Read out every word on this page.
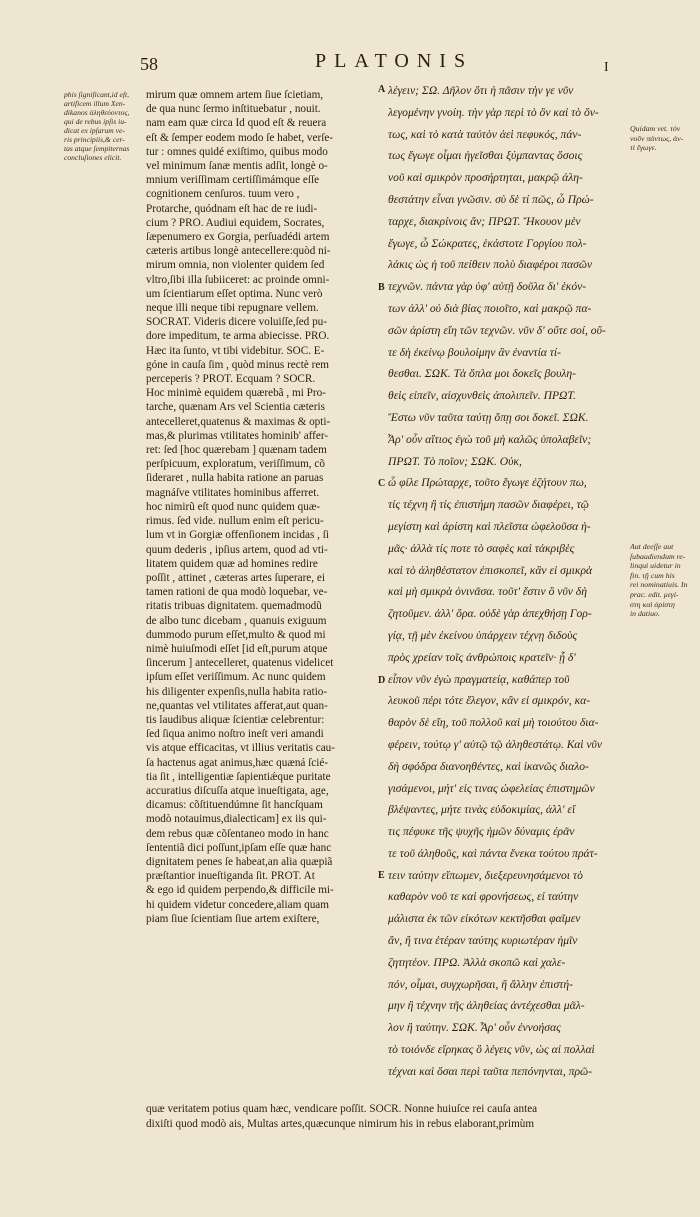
58	PLATONIS	I
phis ſignificant,id eſt,
artificem illum Xen-
dikanos ἀληθεύοντος,
qui de rebus ipſis iu-
dicat ex ipſarum ve-
ris principiis,& cer-
tas atque ſempiternas
concluſiones elicit.
mirum quæ omnem artem ſiue ſcietiam,
de qua nunc ſermo inſtituebatur , nouit.
nam eam quæ circa Id quod eſt & reuera
eſt & ſemper eodem modo ſe habet, verſe-
tur : omnes quidé exiſtimo, quibus modo
vel minimum ſanæ mentis adſit, longè o-
mnium veriſſimam certiſſimámque eſſe
cognitionem cenſuros. tuum vero ,
Protarche, quódnam eſt hac de re iudi-
cium ? PRO. Audiui equidem, Socrates,
ſæpenumero ex Gorgia, perſuadédi artem
cæteris artibus longè antecellere:quòd ni-
mirum omnia, non violenter quidem ſed
vltro,ſibi illa ſubiiceret: ac proinde omni-
um ſcientiarum eſſet optima. Nunc verò
neque illi neque tibi repugnare vellem.
SOCRAT. Videris dicere voluiſſe,ſed pu-
dore impeditum, te arma abiecisse. PRO.
Hæc ita ſunto, vt tibi videbitur. SOC. E-
góne in cauſa ſim , quòd minus rectè rem
perceperis ? PROT. Ecquam ? SOCR.
Hoc minimè equidem quærebã , mi Pro-
tarche, quænam Ars vel Scientia cæteris
antecelleret,quatenus & maximas & opti-
mas,& plurimas vtilitates hominib' affer-
ret: ſed [hoc quærebam ] quænam tadem
perſpicuum, exploratum, veriſſimum, cõ
ſideraret , nulla habita ratione an paruas
magnáſve vtilitates hominibus afferret.
hoc nimirũ eſt quod nunc quidem quæ-
rimus. ſed vide. nullum enim eſt pericu-
lum vt in Gorgiæ offenſionem incidas , ſi
quum dederis , ipſius artem, quod ad vti-
litatem quidem quæ ad homines redire
poſſit , attinet , cæteras artes ſuperare, ei
tamen rationi de qua modò loquebar, ve-
ritatis tribuas dignitatem. quemadmodũ
de albo tunc dicebam , quanuis exiguum
dummodo purum eſſet,multo & quod mi
nimè huiuſmodi eſſet [id eſt,purum atque
ſincerum ] antecelleret, quatenus videlicet
ipſum eſſet veriſſimum. Ac nunc quidem
his diligenter expenſis,nulla habita ratio-
ne,quantas vel vtilitates afferat,aut quan-
tis laudibus aliquæ ſcientiæ celebrentur:
ſed ſiqua animo noſtro ineſt veri amandi
vis atque efficacitas, vt illius veritatis cau-
ſa hactenus agat animus,hæc quæná ſcié-
tia ſit , intelligentiæ ſapientiǽque puritate
accuratius diſcuſſa atque inueſtigata, age,
dicamus: cõſtituendúmne ſit hancſquam
modò notauimus,dialecticam] ex iis qui-
dem rebus quæ cõſentaneo modo in hanc
ſententiã dici poſſunt,ipſam eſſe quæ hanc
dignitatem penes ſe habeat,an alia quæpiã
præſtantior inueſtiganda ſit. PROT. At
& ego id quidem perpendo,& difficile mi-
hi quidem videtur concedere,aliam quam
piam ſiue ſcientiam ſiue artem exiſtere,
λέγειν; ΣΩ. Δῆλον ὅτι ἡ πᾶσιν τὴν γε νῦν
λεγομένην γνοίη. τὴν γὰρ περὶ τὸ ὂν καὶ τὸ ὄν-
τως, καὶ τὸ κατὰ ταὐτὸν ἀεὶ πεφυκός, πάν-
τως ἔγωγε οἶμαι ἡγεῖσθαι ξύμπαντας ὅσοις
νοῦ καὶ σμικρὸν προσήρτηται, μακρῷ ἀλη-
θεστάτην εἶναι γνῶσιν. σὺ δὲ τί πῶς, ὦ Πρώ-
ταρχε, διακρίνοις ἄν; ΠΡΩΤ. Ἤκουον μὲν
ἔγωγε, ὦ Σώκρατες, ἑκάστοτε Γοργίου πολ-
λάκις ὡς ἡ τοῦ πείθειν πολὺ διαφέροι πασῶν
τεχνῶν. πάντα γὰρ ὑφ' αὑτῇ δοῦλα δι' ἑκόν-
των ἀλλ' οὐ διὰ βίας ποιοῖτο, καὶ μακρῷ πα-
σῶν ἀρίστη εἴη τῶν τεχνῶν. νῦν δ' οὔτε σοί, οὔ-
τε δὴ ἐκείνῳ βουλοίμην ἂν ἐναντία τί-
θεσθαι. ΣΩΚ. Τὰ ὅπλα μοι δοκεῖς βουλη-
θεὶς εἰπεῖν, αἰσχυνθεὶς ἀπολιπεῖν. ΠΡΩΤ.
Ἔστω νῦν ταῦτα ταύτῃ ὅπῃ σοι δοκεῖ. ΣΩΚ.
Ἆρ' οὖν αἴτιος ἐγὼ τοῦ μὴ καλῶς ὑπολαβεῖν;
ΠΡΩΤ. Τὸ ποῖον; ΣΩΚ. Οὐκ,
ὦ φίλε Πρώταρχε, τοῦτο ἔγωγε ἐζήτουν πω,
τίς τέχνη ἢ τίς ἐπιστήμη πασῶν διαφέρει, τῷ
μεγίστη καὶ ἀρίστη καὶ πλεῖστα ὠφελοῦσα ἡ-
μᾶς· ἀλλὰ τίς ποτε τὸ σαφὲς καὶ τἀκριβὲς
καὶ τὸ ἀληθέστατον ἐπισκοπεῖ, κἂν εἰ σμικρὰ
καὶ μὴ σμικρὰ ὀνινᾶσα. τοῦτ' ἔστιν ὃ νῦν δὴ
ζητοῦμεν. ἀλλ' ὅρα. οὐδὲ γὰρ ἀπεχθήσῃ Γορ-
γίᾳ, τῇ μὲν ἐκείνου ὑπάρχειν τέχνῃ διδοὺς
πρὸς χρείαν τοῖς ἀνθρώποις κρατεῖν· ᾗ δ'
εἶπον νῦν ἐγὼ πραγματείᾳ, καθάπερ τοῦ
λευκοῦ πέρι τότε ἔλεγον, κἂν εἰ σμικρόν, κα-
θαρὸν δὲ εἴη, τοῦ πολλοῦ καὶ μὴ τοιούτου δια-
φέρειν, τούτῳ γ' αὐτῷ τῷ ἀληθεστάτῳ. Καὶ νῦν
δὴ σφόδρα διανοηθέντες, καὶ ἱκανῶς διαλο-
γισάμενοι, μήτ' εἰς τινας ὠφελείας ἐπιστημῶν
βλέψαντες, μήτε τινὰς εὐδοκιμίας, ἀλλ' εἴ
τις πέφυκε τῆς ψυχῆς ἡμῶν δύναμις ἐρᾶν
τε τοῦ ἀληθοῦς, καὶ πάντα ἕνεκα τούτου πράτ-
τειν ταύτην εἴπωμεν, διεξερευνησάμενοι τὸ
καθαρὸν νοῦ τε καὶ φρονήσεως, εἰ ταύτην
μάλιστα ἐκ τῶν εἰκότων κεκτῆσθαι φαῖμεν
ἄν, ἤ τινα ἑτέραν ταύτης κυριωτέραν ἡμῖν
ζητητέον. ΠΡΩ. Ἀλλὰ σκοπῶ καὶ χαλε-
πόν, οἶμαι, συγχωρῆσαι, ἢ ἄλλην ἐπιστή-
μην ἢ τέχνην τῆς ἀληθείας ἀντέχεσθαι μᾶλ-
λον ἢ ταύτην. ΣΩΚ. Ἆρ' οὖν ἐννοήσας
τὸ τοιόνδε εἴρηκας ὃ λέγεις νῦν, ὡς αἱ πολλαὶ
τέχναι καὶ ὅσαι περὶ ταῦτα πεπόνηνται, πρῶ-
A
B
C
D
E
Quidam vet. τὸν
νοῦν πάντως, ἀν-
τὶ ἔγωγε.
Aut deeſſe aut
ſubaudiendum re-
linqui uidetur in
fin. τῇ cum his
rei nominatiuis. In
prac. edit. μεγί-
στη καὶ ἀρίστη
in datiuo.
quæ veritatem potius quam hæc, vendicare poſſit. SOCR. Nonne huiuſce rei cauſa antea
dixiſti quod modò ais, Multas artes,quæcunque nimirum his in rebus elaborant,primùm
